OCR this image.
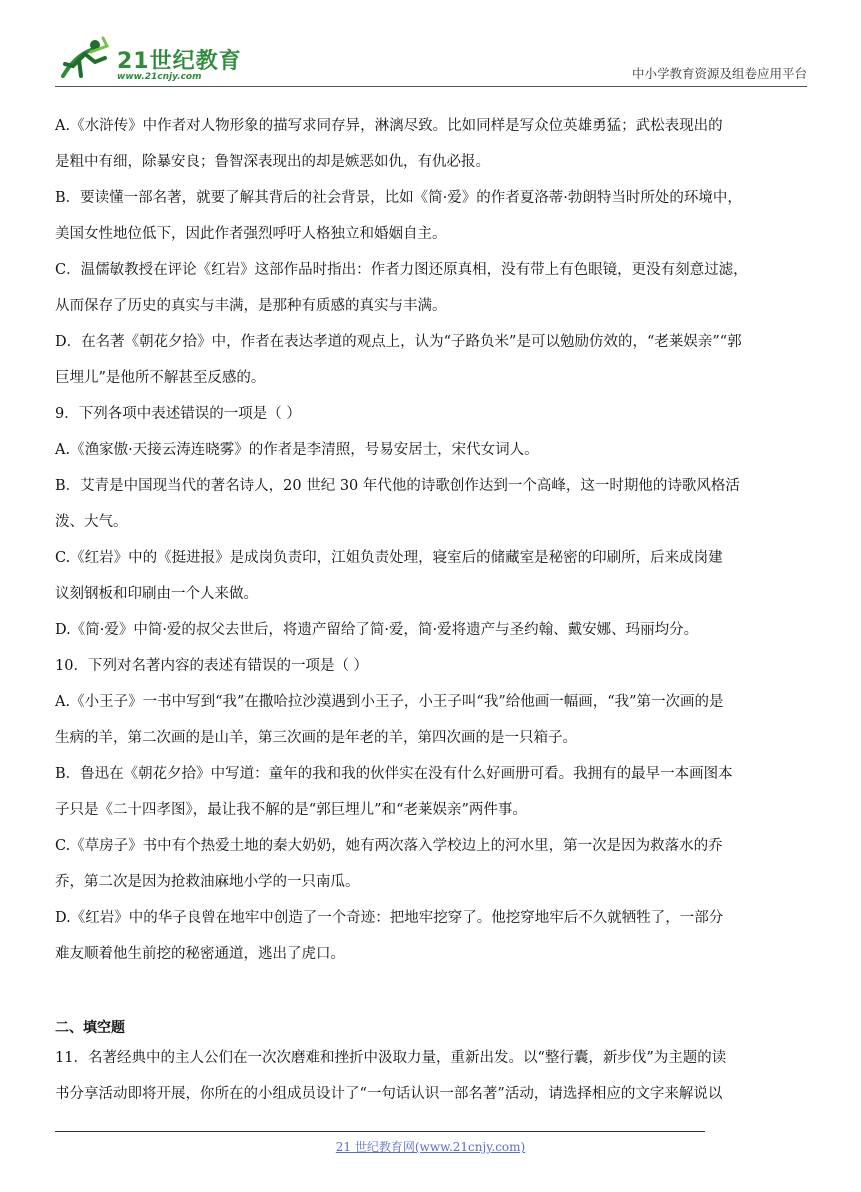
21世纪教育
www.21cnjy.com	中小学教育资源及组卷应用平台

A.《水浒传》中作者对人物形象的描写求同存异，淋漓尽致。比如同样是写众位英雄勇猛；武松表现出的

是粗中有细，除暴安良；鲁智深表现出的却是嫉恶如仇，有仇必报。

B．要读懂一部名著，就要了解其背后的社会背景，比如《简·爱》的作者夏洛蒂·勃朗特当时所处的环境中，

美国女性地位低下，因此作者强烈呼吁人格独立和婚姻自主。

C．温儒敏教授在评论《红岩》这部作品时指出：作者力图还原真相，没有带上有色眼镜，更没有刻意过滤，

从而保存了历史的真实与丰满，是那种有质感的真实与丰满。

D．在名著《朝花夕拾》中，作者在表达孝道的观点上，认为“子路负米”是可以勉励仿效的，“老莱娱亲”“郭

巨埋儿”是他所不解甚至反感的。

9．下列各项中表述错误的一项是（ ）

A.《渔家傲·天接云涛连晓雾》的作者是李清照，号易安居士，宋代女词人。

B．艾青是中国现当代的著名诗人，20 世纪 30 年代他的诗歌创作达到一个高峰，这一时期他的诗歌风格活

泼、大气。

C.《红岩》中的《挺进报》是成岗负责印，江姐负责处理，寝室后的储藏室是秘密的印刷所，后来成岗建

议刻钢板和印刷由一个人来做。

D.《简·爱》中简·爱的叔父去世后，将遗产留给了简·爱，简·爱将遗产与圣约翰、戴安娜、玛丽均分。

10．下列对名著内容的表述有错误的一项是（ ）

A.《小王子》一书中写到“我”在撒哈拉沙漠遇到小王子，小王子叫“我”给他画一幅画，“我”第一次画的是

生病的羊，第二次画的是山羊，第三次画的是年老的羊，第四次画的是一只箱子。

B．鲁迅在《朝花夕拾》中写道：童年的我和我的伙伴实在没有什么好画册可看。我拥有的最早一本画图本

子只是《二十四孝图》，最让我不解的是“郭巨埋儿”和“老莱娱亲”两件事。

C.《草房子》书中有个热爱土地的秦大奶奶，她有两次落入学校边上的河水里，第一次是因为救落水的乔

乔，第二次是因为抢救油麻地小学的一只南瓜。

D.《红岩》中的华子良曾在地牢中创造了一个奇迹：把地牢挖穿了。他挖穿地牢后不久就牺牲了，一部分

难友顺着他生前挖的秘密通道，逃出了虎口。

二、填空题

11．名著经典中的主人公们在一次次磨难和挫折中汲取力量，重新出发。以“整行囊，新步伐”为主题的读

书分享活动即将开展，你所在的小组成员设计了“一句话认识一部名著”活动，请选择相应的文字来解说以

21 世纪教育网(www.21cnjy.com)
